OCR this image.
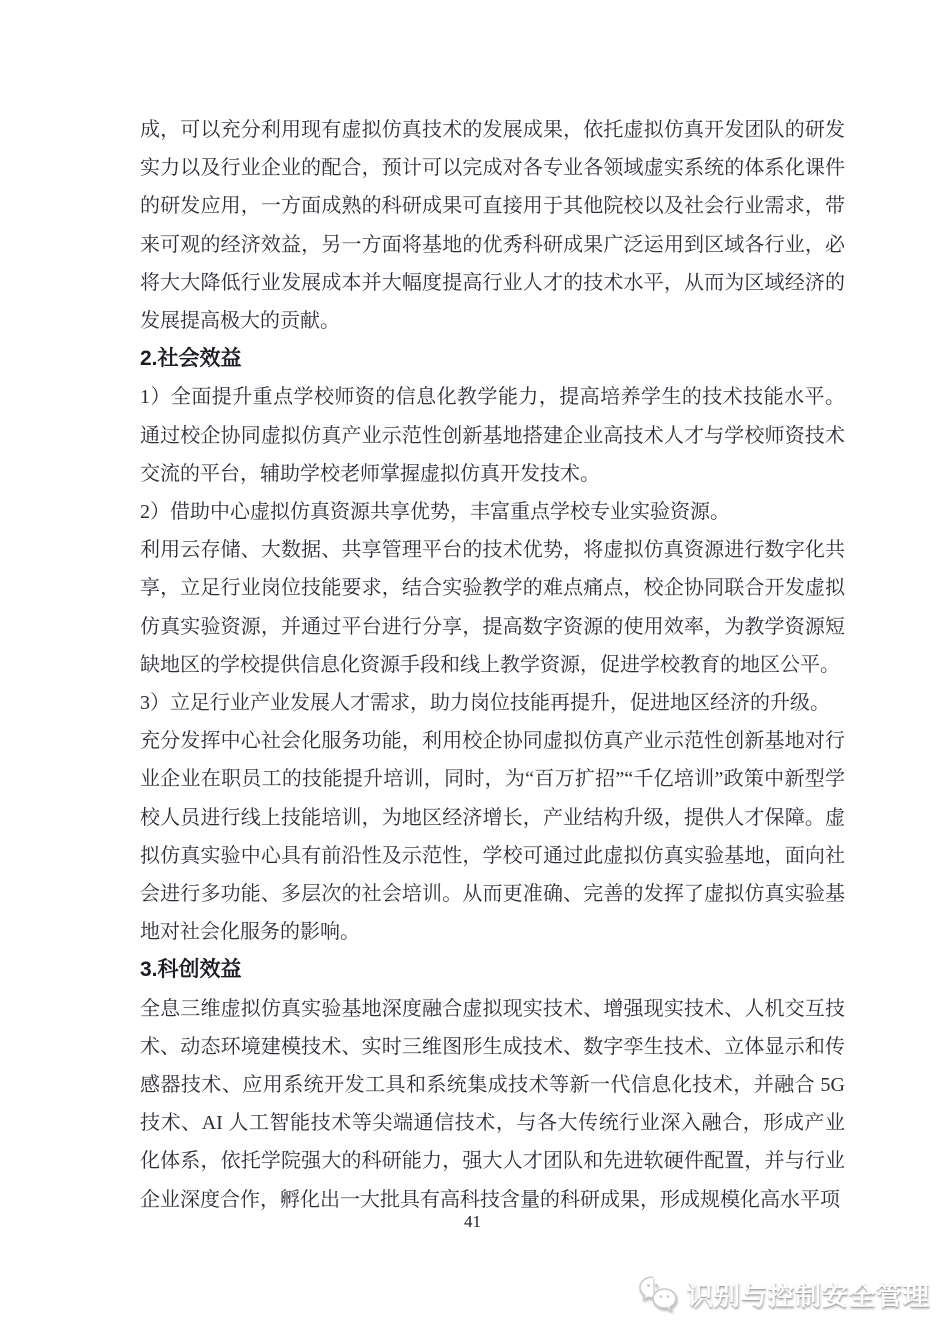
成，可以充分利用现有虚拟仿真技术的发展成果，依托虚拟仿真开发团队的研发实力以及行业企业的配合，预计可以完成对各专业各领域虚实系统的体系化课件的研发应用，一方面成熟的科研成果可直接用于其他院校以及社会行业需求，带来可观的经济效益，另一方面将基地的优秀科研成果广泛运用到区域各行业，必将大大降低行业发展成本并大幅度提高行业人才的技术水平，从而为区域经济的发展提高极大的贡献。

2.社会效益

1）全面提升重点学校师资的信息化教学能力，提高培养学生的技术技能水平。通过校企协同虚拟仿真产业示范性创新基地搭建企业高技术人才与学校师资技术交流的平台，辅助学校老师掌握虚拟仿真开发技术。

2）借助中心虚拟仿真资源共享优势，丰富重点学校专业实验资源。

利用云存储、大数据、共享管理平台的技术优势，将虚拟仿真资源进行数字化共享，立足行业岗位技能要求，结合实验教学的难点痛点，校企协同联合开发虚拟仿真实验资源，并通过平台进行分享，提高数字资源的使用效率，为教学资源短缺地区的学校提供信息化资源手段和线上教学资源，促进学校教育的地区公平。

3）立足行业产业发展人才需求，助力岗位技能再提升，促进地区经济的升级。

充分发挥中心社会化服务功能，利用校企协同虚拟仿真产业示范性创新基地对行业企业在职员工的技能提升培训，同时，为“百万扩招”“千亿培训”政策中新型学校人员进行线上技能培训，为地区经济增长，产业结构升级，提供人才保障。虚拟仿真实验中心具有前沿性及示范性，学校可通过此虚拟仿真实验基地，面向社会进行多功能、多层次的社会培训。从而更准确、完善的发挥了虚拟仿真实验基地对社会化服务的影响。

3.科创效益

全息三维虚拟仿真实验基地深度融合虚拟现实技术、增强现实技术、人机交互技术、动态环境建模技术、实时三维图形生成技术、数字孪生技术、立体显示和传感器技术、应用系统开发工具和系统集成技术等新一代信息化技术，并融合 5G 技术、AI 人工智能技术等尖端通信技术，与各大传统行业深入融合，形成产业化体系，依托学院强大的科研能力，强大人才团队和先进软硬件配置，并与行业企业深度合作，孵化出一大批具有高科技含量的科研成果，形成规模化高水平项

41
识别与控制安全管理
